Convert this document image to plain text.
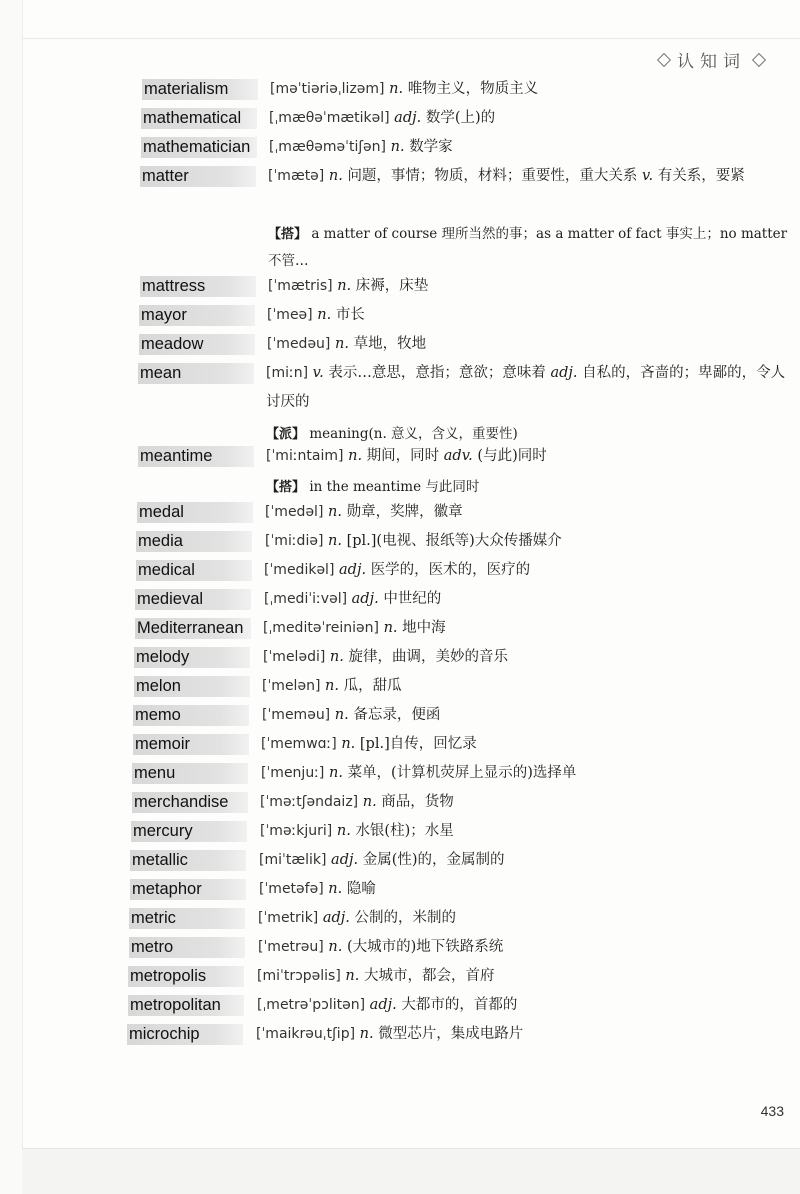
认知词
materialism	[məˈtiəriəˌlizəm] n. 唯物主义，物质主义
mathematical	[ˌmæθəˈmætikəl] adj. 数学(上)的
mathematician	[ˌmæθəməˈtiʃən] n. 数学家
matter	[ˈmætə] n. 问题，事情；物质，材料；重要性，重大关系 v. 有关系，要紧
【搭】 a matter of course 理所当然的事；as a matter of fact 事实上；no matter 不管…
mattress	[ˈmætris] n. 床褥，床垫
mayor	[ˈmeə] n. 市长
meadow	[ˈmedəu] n. 草地，牧地
mean	[miːn] v. 表示…意思，意指；意欲；意味着 adj. 自私的，吝啬的；卑鄙的，令人讨厌的
【派】 meaning(n. 意义，含义，重要性)
meantime	[ˈmiːntaim] n. 期间，同时 adv. (与此)同时
【搭】 in the meantime 与此同时
medal	[ˈmedəl] n. 勋章，奖牌，徽章
media	[ˈmiːdiə] n. [pl.](电视、报纸等)大众传播媒介
medical	[ˈmedikəl] adj. 医学的，医术的，医疗的
medieval	[ˌmediˈiːvəl] adj. 中世纪的
Mediterranean	[ˌmeditəˈreiniən] n. 地中海
melody	[ˈmelədi] n. 旋律，曲调，美妙的音乐
melon	[ˈmelən] n. 瓜，甜瓜
memo	[ˈmeməu] n. 备忘录，便函
memoir	[ˈmemwɑː] n. [pl.]自传，回忆录
menu	[ˈmenjuː] n. 菜单，(计算机荧屏上显示的)选择单
merchandise	[ˈməːtʃəndaiz] n. 商品，货物
mercury	[ˈməːkjuri] n. 水银(柱)；水星
metallic	[miˈtælik] adj. 金属(性)的，金属制的
metaphor	[ˈmetəfə] n. 隐喻
metric	[ˈmetrik] adj. 公制的，米制的
metro	[ˈmetrəu] n. (大城市的)地下铁路系统
metropolis	[miˈtrɔpəlis] n. 大城市，都会，首府
metropolitan	[ˌmetrəˈpɔlitən] adj. 大都市的，首都的
microchip	[ˈmaikrəuˌtʃip] n. 微型芯片，集成电路片
433
